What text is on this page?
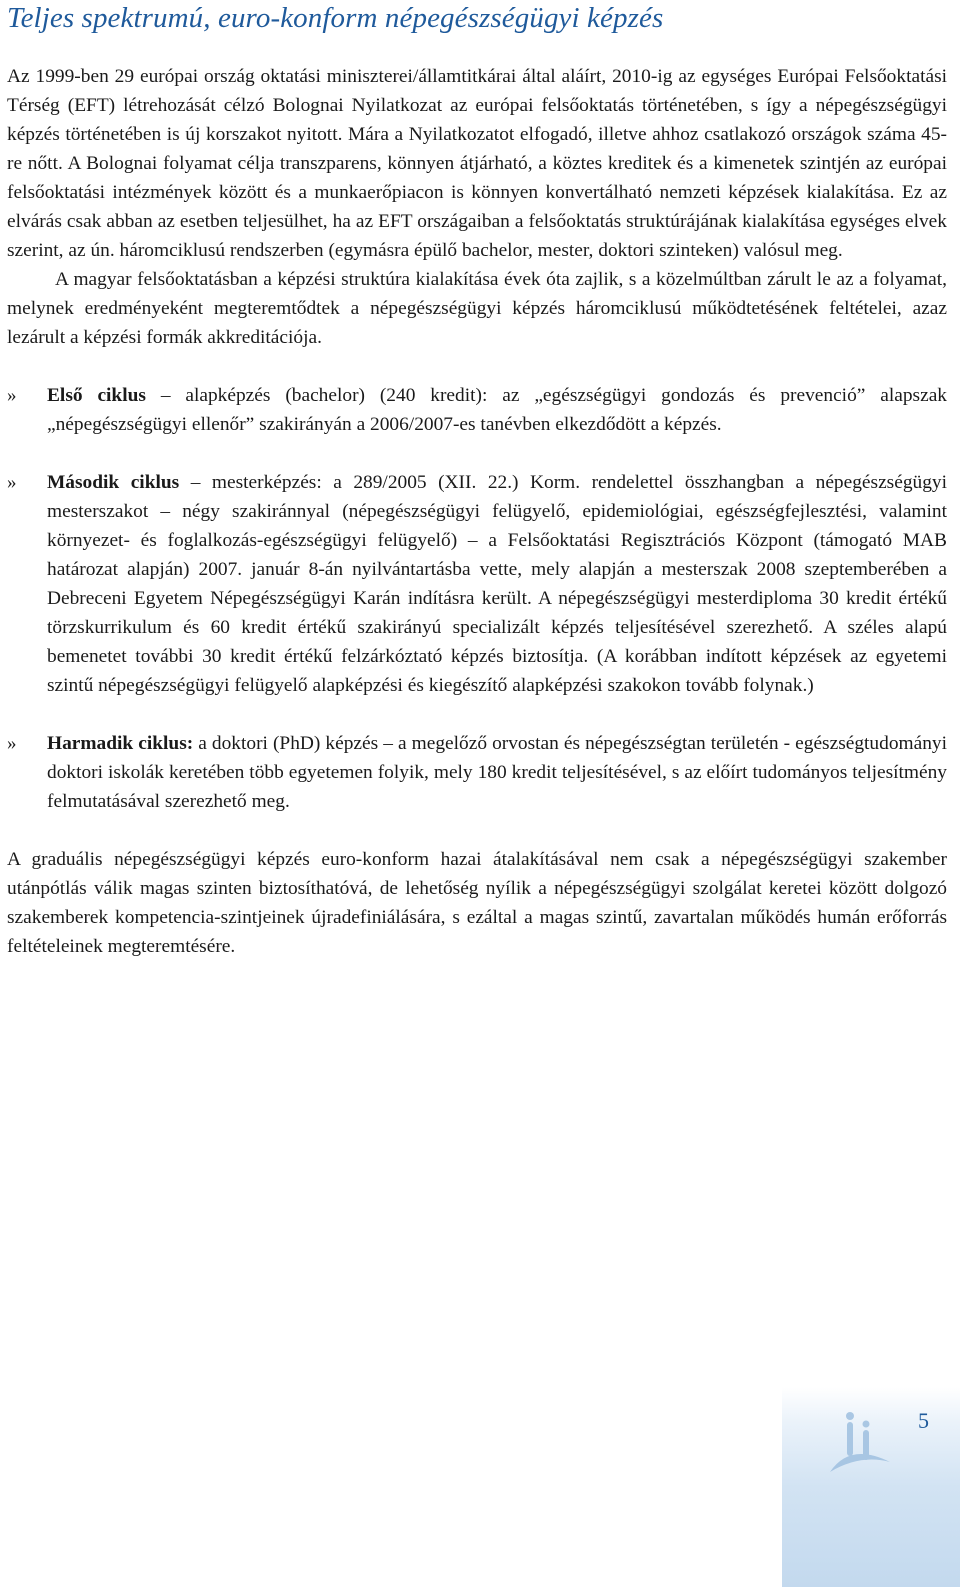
Teljes spektrumú, euro-konform népegészségügyi képzés

Az 1999-ben 29 európai ország oktatási miniszterei/államtitkárai által aláírt, 2010-ig az egységes Európai Felsőoktatási Térség (EFT) létrehozását célzó Bolognai Nyilatkozat az európai felsőoktatás történetében, s így a népegészségügyi képzés történetében is új korszakot nyitott. Mára a Nyilatkozatot elfogadó, illetve ahhoz csatlakozó országok száma 45-re nőtt. A Bolognai folyamat célja transzparens, könnyen átjárható, a köztes kreditek és a kimenetek szintjén az európai felsőoktatási intézmények között és a munkaerőpiacon is könnyen konvertálható nemzeti képzések kialakítása. Ez az elvárás csak abban az esetben teljesülhet, ha az EFT országaiban a felsőoktatás struktúrájának kialakítása egységes elvek szerint, az ún. háromciklusú rendszerben (egymásra épülő bachelor, mester, doktori szinteken) valósul meg.

A magyar felsőoktatásban a képzési struktúra kialakítása évek óta zajlik, s a közelmúltban zárult le az a folyamat, melynek eredményeként megteremtődtek a népegészségügyi képzés háromciklusú működtetésének feltételei, azaz lezárult a képzési formák akkreditációja.

» Első ciklus – alapképzés (bachelor) (240 kredit): az „egészségügyi gondozás és prevenció” alapszak „népegészségügyi ellenőr” szakirányán a 2006/2007-es tanévben elkezdődött a képzés.

» Második ciklus – mesterképzés: a 289/2005 (XII. 22.) Korm. rendelettel összhangban a népegészségügyi mesterszakot – négy szakiránnyal (népegészségügyi felügyelő, epidemiológiai, egészségfejlesztési, valamint környezet- és foglalkozás-egészségügyi felügyelő) – a Felsőoktatási Regisztrációs Központ (támogató MAB határozat alapján) 2007. január 8-án nyilvántartásba vette, mely alapján a mesterszak 2008 szeptemberében a Debreceni Egyetem Népegészségügyi Karán indításra került. A népegészségügyi mesterdiploma 30 kredit értékű törzskurrikulum és 60 kredit értékű szakirányú specializált képzés teljesítésével szerezhető. A széles alapú bemenetet további 30 kredit értékű felzárkóztató képzés biztosítja. (A korábban indított képzések az egyetemi szintű népegészségügyi felügyelő alapképzési és kiegészítő alapképzési szakokon tovább folynak.)

» Harmadik ciklus: a doktori (PhD) képzés – a megelőző orvostan és népegészségtan területén - egészségtudományi doktori iskolák keretében több egyetemen folyik, mely 180 kredit teljesítésével, s az előírt tudományos teljesítmény felmutatásával szerezhető meg.

A graduális népegészségügyi képzés euro-konform hazai átalakításával nem csak a népegészségügyi szakember utánpótlás válik magas szinten biztosíthatóvá, de lehetőség nyílik a népegészségügyi szolgálat keretei között dolgozó szakemberek kompetencia-szintjeinek újradefiniálására, s ezáltal a magas szintű, zavartalan működés humán erőforrás feltételeinek megteremtésére.

5
